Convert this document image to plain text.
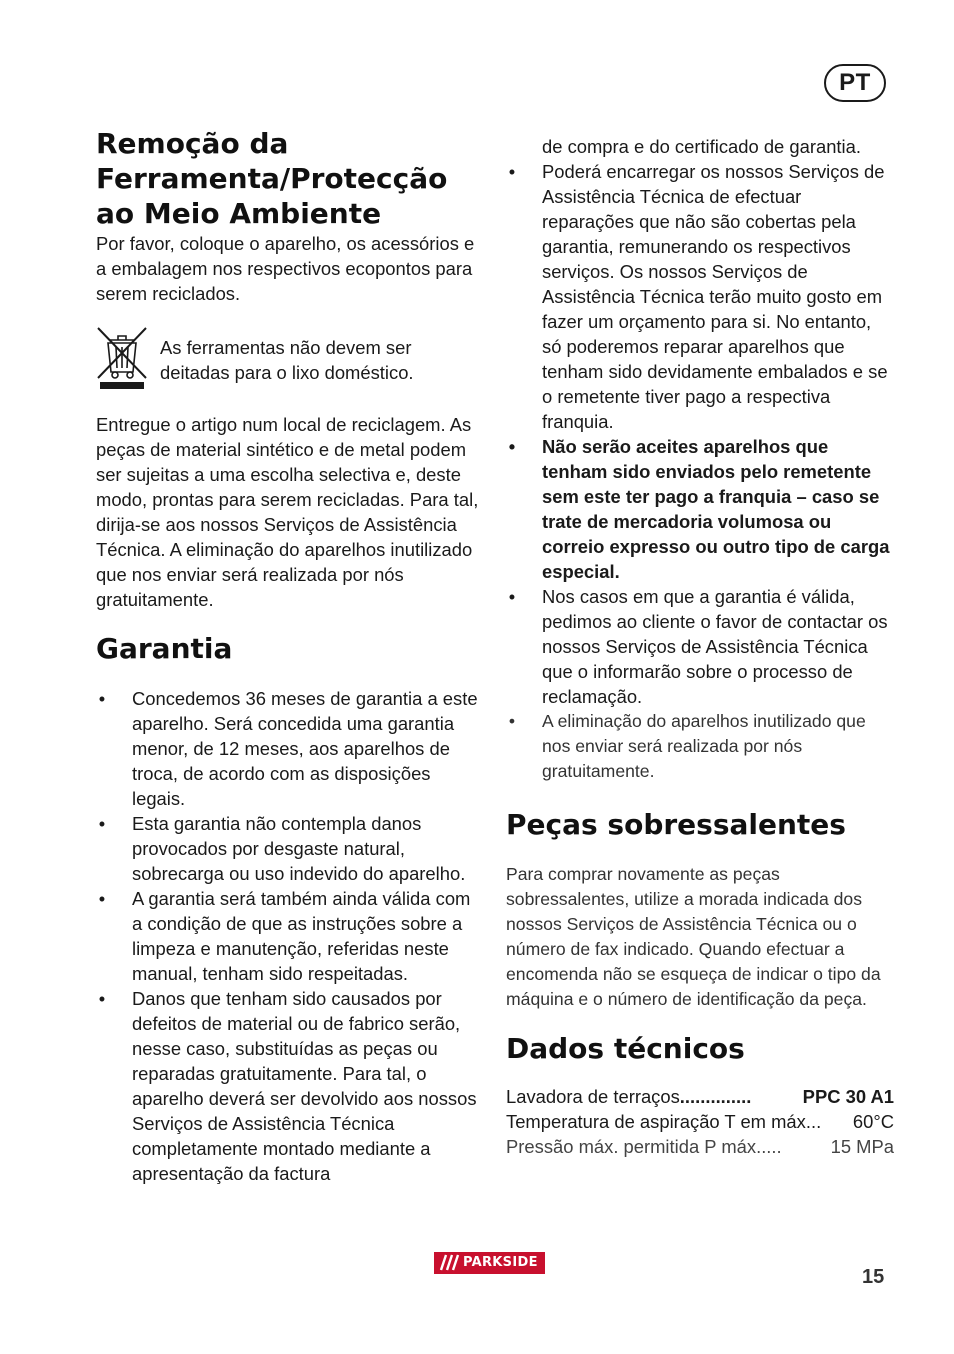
PT
Remoção da Ferramenta/Protecção ao Meio Ambiente

Por favor, coloque o aparelho, os acessórios e a embalagem nos respectivos ecopontos para serem reciclados.

As ferramentas não devem ser deitadas para o lixo doméstico.

Entregue o artigo num local de reciclagem. As peças de material sintético e de metal podem ser sujeitas a uma escolha selectiva e, deste modo, prontas para serem recicladas. Para tal, dirija-se aos nossos Serviços de Assistência Técnica. A eliminação do aparelhos inutilizado que nos enviar será realizada por nós gratuitamente.

Garantia
• Concedemos 36 meses de garantia a este aparelho. Será concedida uma garantia menor, de 12 meses, aos aparelhos de troca, de acordo com as disposições legais.
• Esta garantia não contempla danos provocados por desgaste natural, sobrecarga ou uso indevido do aparelho.
• A garantia será também ainda válida com a condição de que as instruções sobre a limpeza e manutenção, referidas neste manual, tenham sido respeitadas.
• Danos que tenham sido causados por defeitos de material ou de fabrico serão, nesse caso, substituídas as peças ou reparadas gratuitamente. Para tal, o aparelho deverá ser devolvido aos nossos Serviços de Assistência Técnica completamente montado mediante a apresentação da factura

de compra e do certificado de garantia.

• Poderá encarregar os nossos Serviços de Assistência Técnica de efectuar reparações que não são cobertas pela garantia, remunerando os respectivos serviços. Os nossos Serviços de Assistência Técnica terão muito gosto em fazer um orçamento para si. No entanto, só poderemos reparar aparelhos que tenham sido devidamente embalados e se o remetente tiver pago a respectiva franquia.
• Não serão aceites aparelhos que tenham sido enviados pelo remetente sem este ter pago a franquia – caso se trate de mercadoria volumosa ou correio expresso ou outro tipo de carga especial.
• Nos casos em que a garantia é válida, pedimos ao cliente o favor de contactar os nossos Serviços de Assistência Técnica que o informarão sobre o processo de reclamação.
• A eliminação do aparelhos inutilizado que nos enviar será realizada por nós gratuitamente.
Peças sobressalentes

Para comprar novamente as peças sobressalentes, utilize a morada indicada dos nossos Serviços de Assistência Técnica ou o número de fax indicado. Quando efectuar a encomenda não se esqueça de indicar o tipo da máquina e o número de identificação da peça.

Dados técnicos
Lavadora de terraços ..............	PPC 30 A1
Temperatura de aspiração T em máx.. .	60°C
Pressão máx. permitida P máx. ....	15 MPa
PARKSIDE
15
